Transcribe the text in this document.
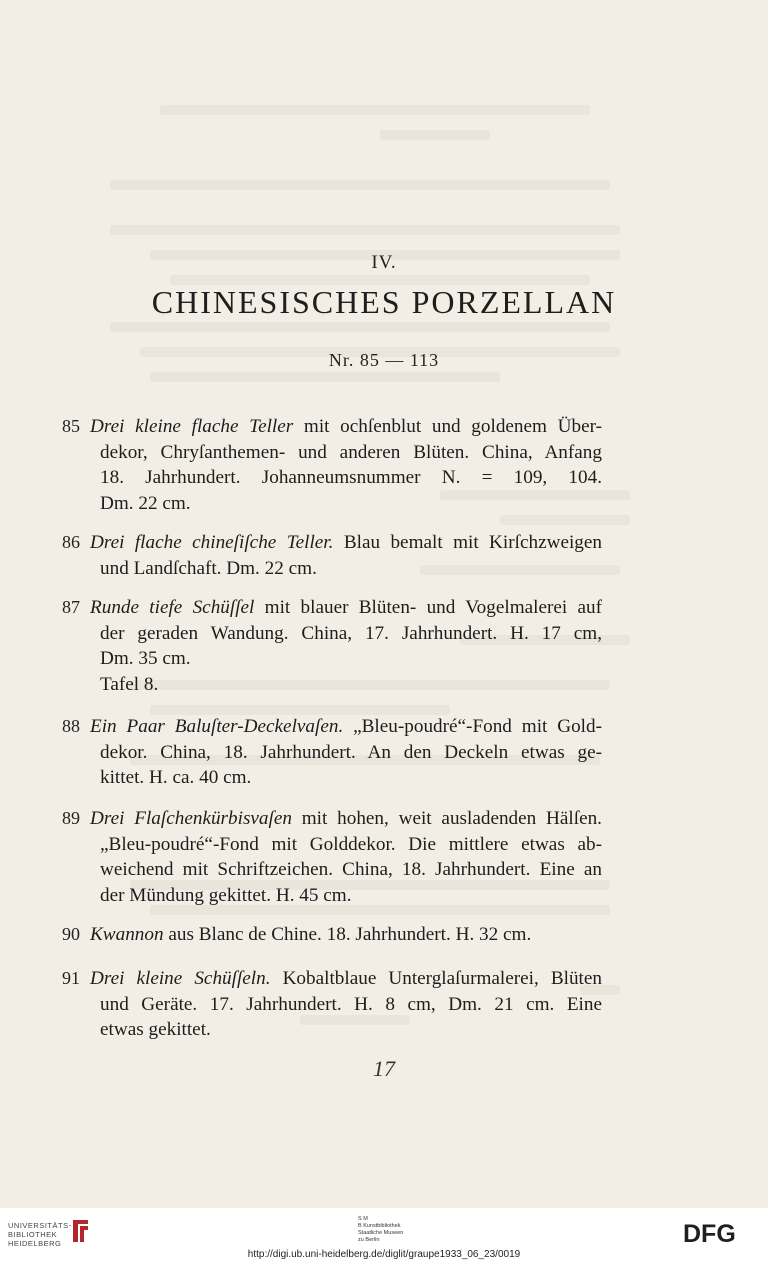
IV.
CHINESISCHES PORZELLAN
Nr. 85 — 113
85 Drei kleine flache Teller mit ochſenblut und goldenem Über-
dekor, Chryſanthemen- und anderen Blüten. China, Anfang
18. Jahrhundert. Johanneumsnummer N. = 109, 104.
Dm. 22 cm.
86 Drei flache chineſiſche Teller. Blau bemalt mit Kirſchzweigen
und Landſchaft. Dm. 22 cm.
87 Runde tiefe Schüſſel mit blauer Blüten- und Vogelmalerei auf
der geraden Wandung. China, 17. Jahrhundert. H. 17 cm,
Dm. 35 cm.
Tafel 8.
88 Ein Paar Baluſter-Deckelvaſen. „Bleu-poudré“-Fond mit Gold-
dekor. China, 18. Jahrhundert. An den Deckeln etwas ge-
kittet. H. ca. 40 cm.
89 Drei Flaſchenkürbisvaſen mit hohen, weit ausladenden Hälſen.
„Bleu-poudré“-Fond mit Golddekor. Die mittlere etwas ab-
weichend mit Schriftzeichen. China, 18. Jahrhundert. Eine an
der Mündung gekittet. H. 45 cm.
90 Kwannon aus Blanc de Chine. 18. Jahrhundert. H. 32 cm.
91 Drei kleine Schüſſeln. Kobaltblaue Unterglaſurmalerei, Blüten
und Geräte. 17. Jahrhundert. H. 8 cm, Dm. 21 cm. Eine
etwas gekittet.
17
UNIVERSITÄTS-
BIBLIOTHEK
HEIDELBERG
S M
B Kunstbibliothek
Staatliche Museen
zu Berlin	DFG
http://digi.ub.uni-heidelberg.de/diglit/graupe1933_06_23/0019
